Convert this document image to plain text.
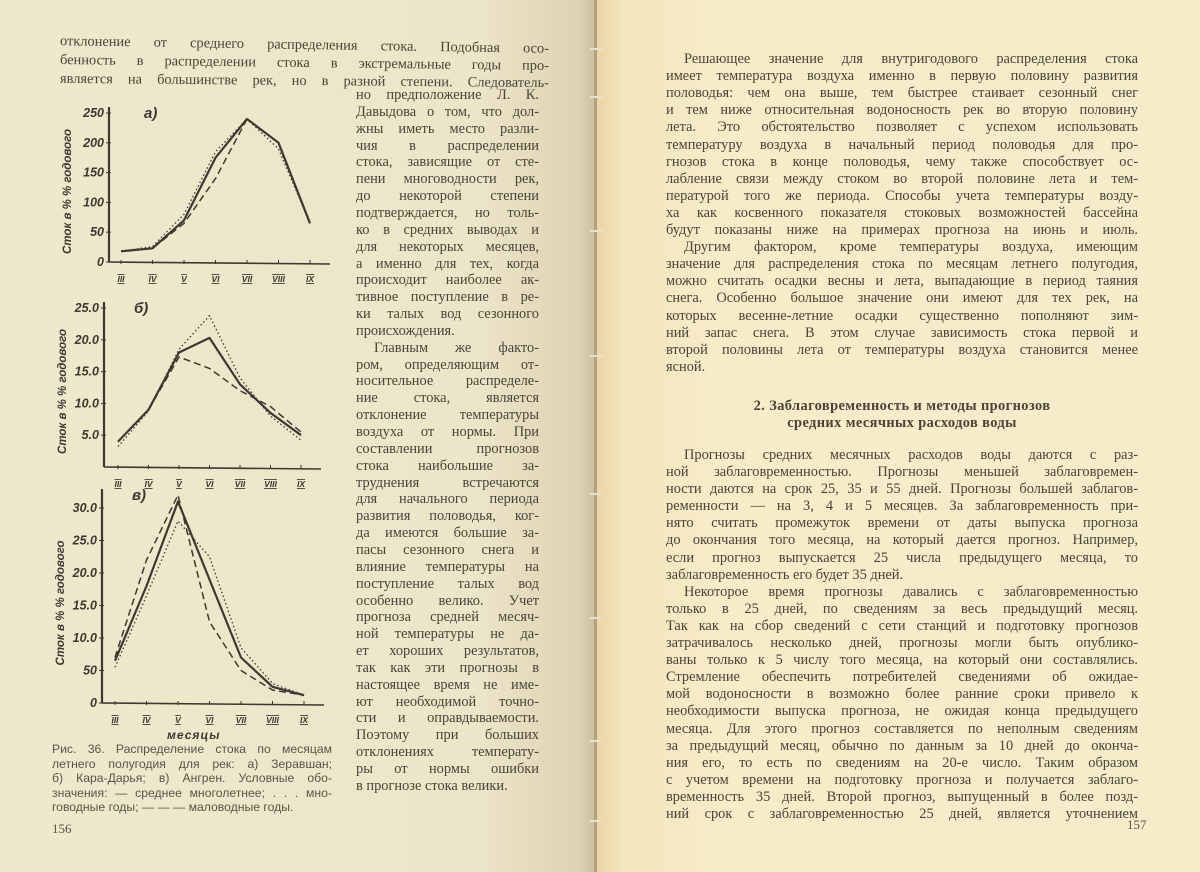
отклонение от среднего распределения стока. Подобная осо-
бенность в распределении стока в экстремальные годы про-
является на большинстве рек, но в разной степени. Следователь-
0
50
100
150
200
250
III	IV	V	VI	VII VIII IX
а)
Сток в % % годового
5.0
10.0
15.0
20.0
25.0
III	IV	V	VI	VII VIII IX
б)
Сток в % % годового
0
50
10.0
15.0
20.0
25.0
30.0
III	IV	V	VI	VII VIII IX
в)
Сток в % % годового
месяцы
но предположение Л. К.
Давыдова о том, что дол-
жны иметь место разли-
чия в распределении
стока, зависящие от сте-
пени многоводности рек,
до некоторой степени
подтверждается, но толь-
ко в средних выводах и
для некоторых месяцев,
а именно для тех, когда
происходит наиболее ак-
тивное поступление в ре-
ки талых вод сезонного
происхождения.
Главным же факто-
ром, определяющим от-
носительное распределе-
ние стока, является
отклонение температуры
воздуха от нормы. При
составлении прогнозов
стока наибольшие за-
труднения встречаются
для начального периода
развития половодья, ког-
да имеются большие за-
пасы сезонного снега и
влияние температуры на
поступление талых вод
особенно велико. Учет
прогноза средней месяч-
ной температуры не да-
ет хороших результатов,
так как эти прогнозы в
настоящее время не име-
ют необходимой точно-
сти и оправдываемости.
Поэтому при больших
отклонениях температу-
ры от нормы ошибки
в прогнозе стока велики.
Рис. 36. Распределение стока по месяцам
летнего полугодия для рек: а) Зеравшан;
б) Кара-Дарья; в) Ангрен. Условные обо-
значения: — среднее многолетнее; . . . мно-
говодные годы; — — — маловодные годы.
156
Решающее значение для внутригодового распределения стока
имеет температура воздуха именно в первую половину развития
половодья: чем она выше, тем быстрее стаивает сезонный снег
и тем ниже относительная водоносность рек во вторую половину
лета. Это обстоятельство позволяет с успехом использовать
температуру воздуха в начальный период половодья для про-
гнозов стока в конце половодья, чему также способствует ос-
лабление связи между стоком во второй половине лета и тем-
пературой того же периода. Способы учета температуры возду-
ха как косвенного показателя стоковых возможностей бассейна
будут показаны ниже на примерах прогноза на июнь и июль.
Другим фактором, кроме температуры воздуха, имеющим
значение для распределения стока по месяцам летнего полугодия,
можно считать осадки весны и лета, выпадающие в период таяния
снега. Особенно большое значение они имеют для тех рек, на
которых весенне-летние осадки существенно пополняют зим-
ний запас снега. В этом случае зависимость стока первой и
второй половины лета от температуры воздуха становится менее
ясной.
2. Заблаговременность и методы прогнозов
средних месячных расходов воды
Прогнозы средних месячных расходов воды даются с раз-
ной заблаговременностью. Прогнозы меньшей заблаговремен-
ности даются на срок 25, 35 и 55 дней. Прогнозы большей заблагов-
ременности — на 3, 4 и 5 месяцев. За заблаговременность при-
нято считать промежуток времени от даты выпуска прогноза
до окончания того месяца, на который дается прогноз. Например,
если прогноз выпускается 25 числа предыдущего месяца, то
заблаговременность его будет 35 дней.
Некоторое время прогнозы давались с заблаговременностью
только в 25 дней, по сведениям за весь предыдущий месяц.
Так как на сбор сведений с сети станций и подготовку прогнозов
затрачивалось несколько дней, прогнозы могли быть опублико-
ваны только к 5 числу того месяца, на который они составлялись.
Стремление обеспечить потребителей сведениями об ожидае-
мой водоносности в возможно более ранние сроки привело к
необходимости выпуска прогноза, не ожидая конца предыдущего
месяца. Для этого прогноз составляется по неполным сведениям
за предыдущий месяц, обычно по данным за 10 дней до оконча-
ния его, то есть по сведениям на 20-е число. Таким образом
с учетом времени на подготовку прогноза и получается заблаго-
временность 35 дней. Второй прогноз, выпущенный в более позд-
ний срок с заблаговременностью 25 дней, является уточнением
157
